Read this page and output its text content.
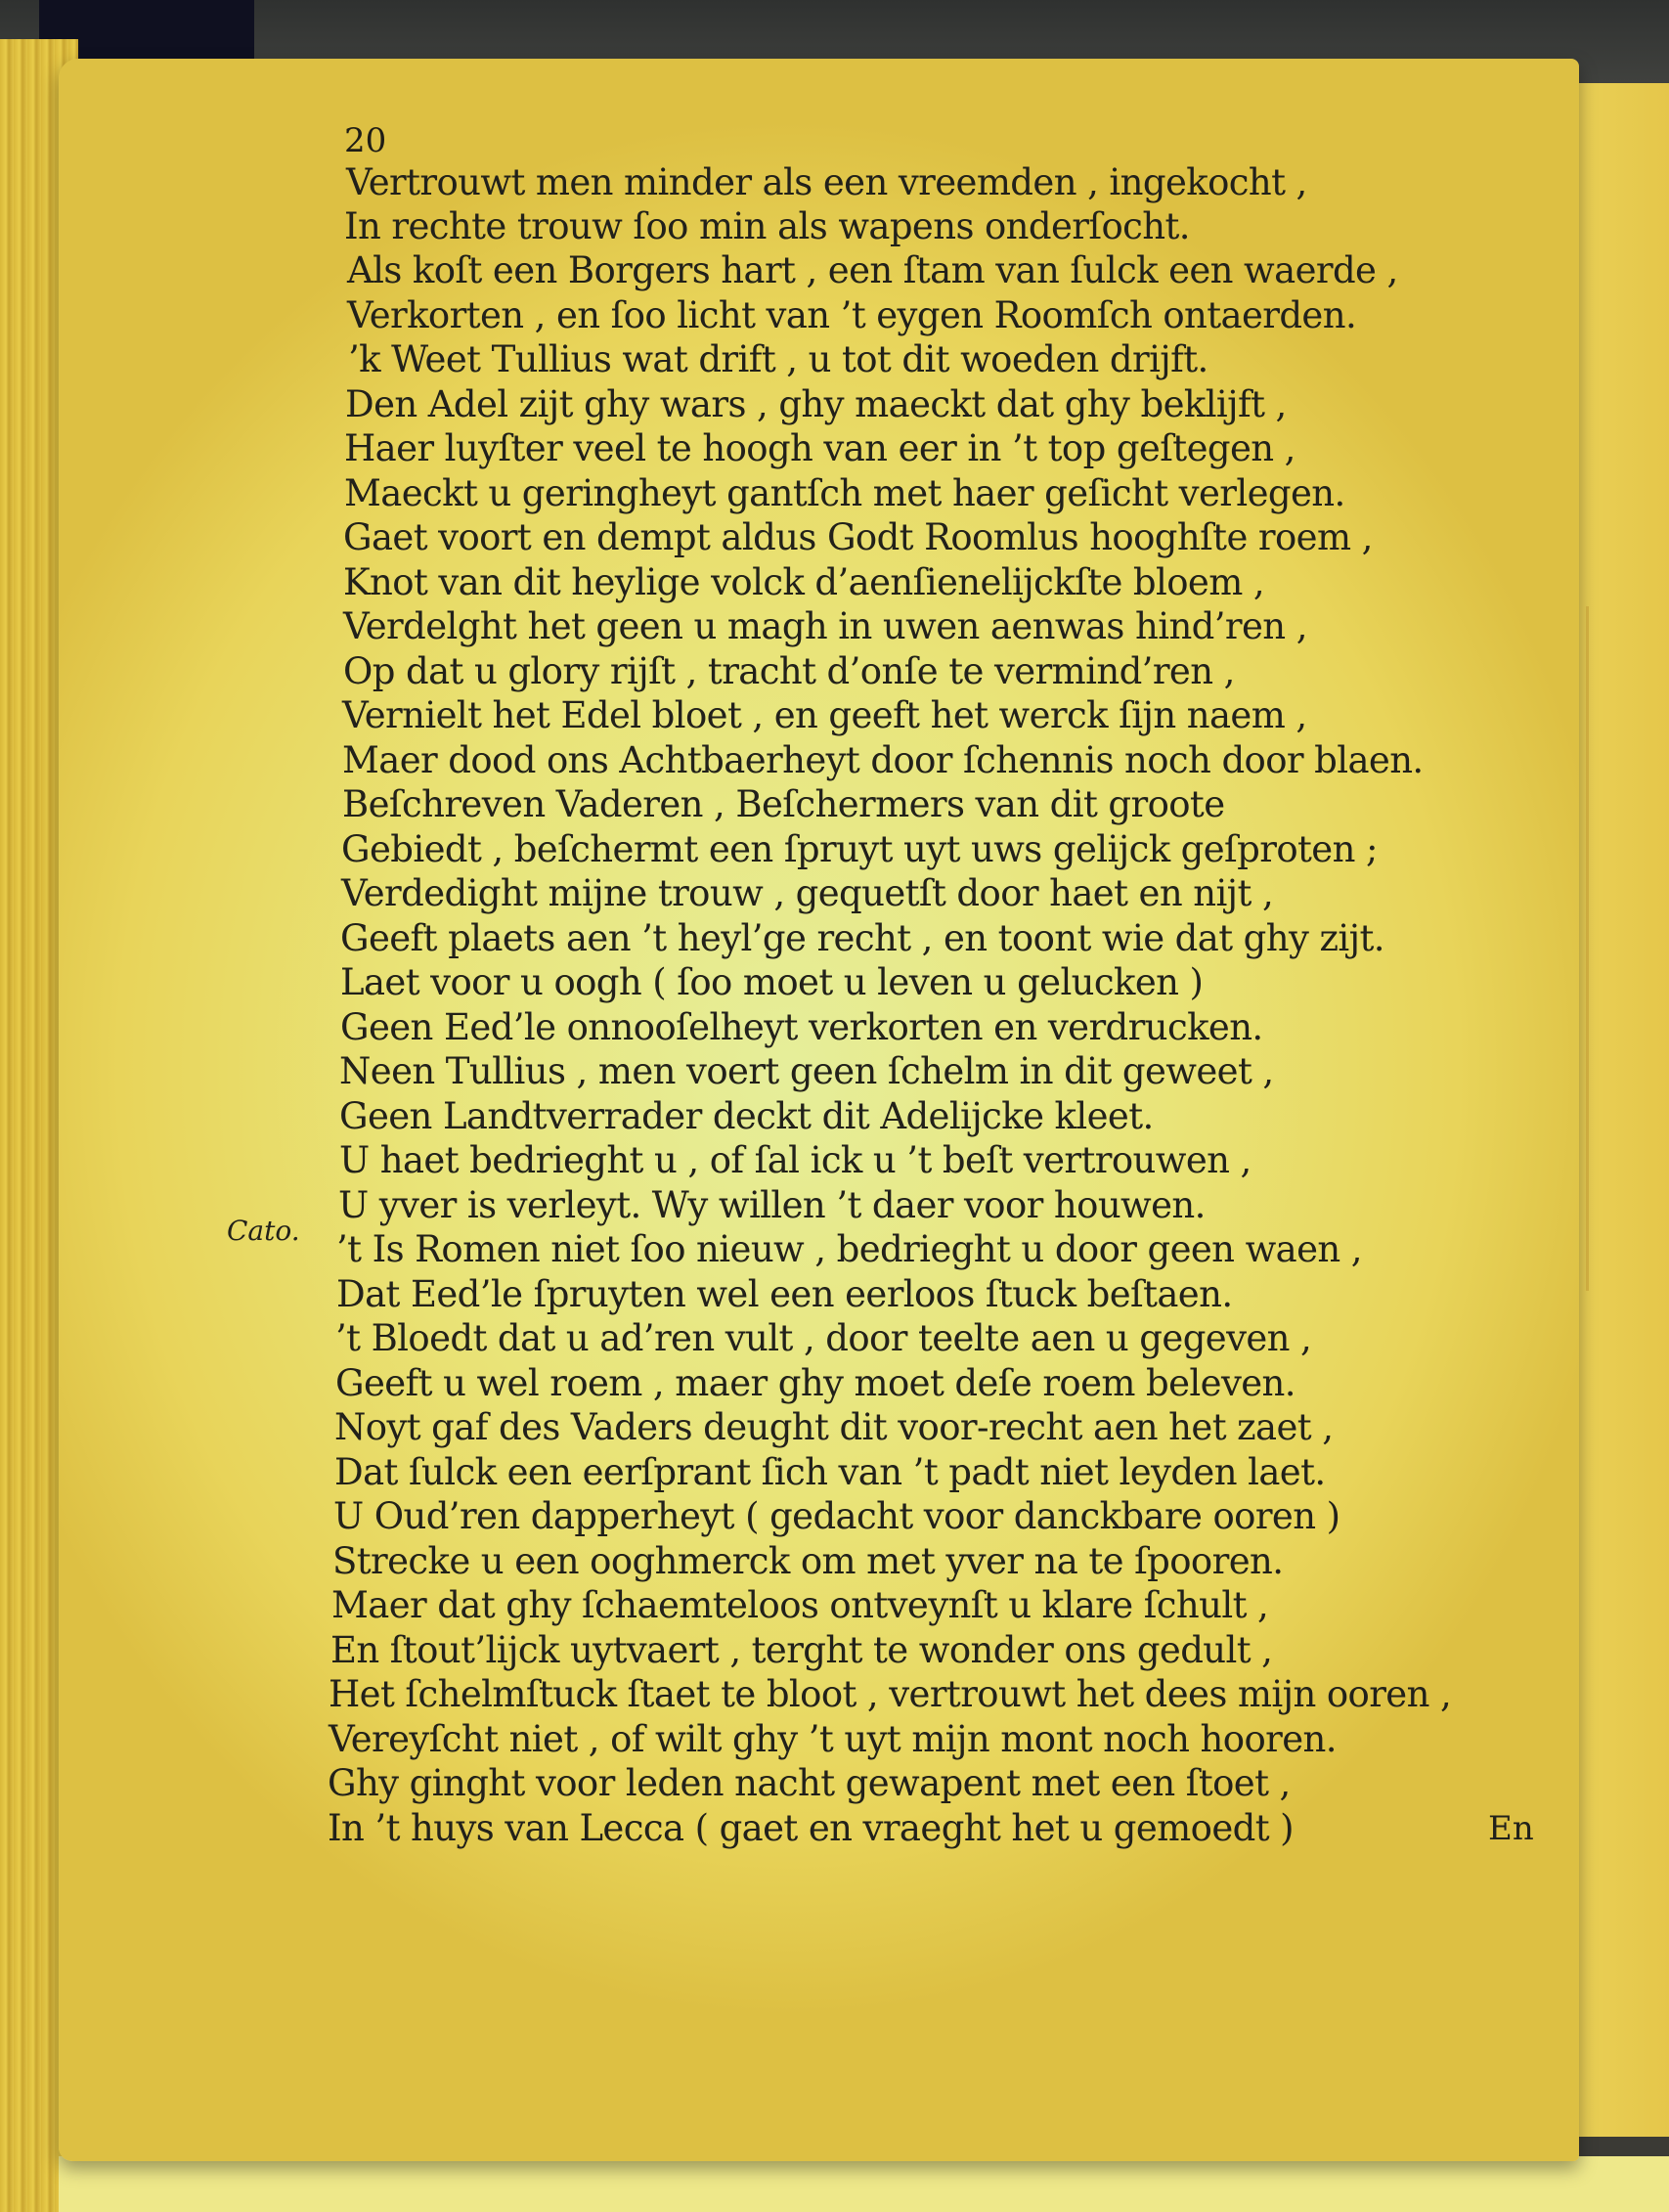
20
Vertrouwt men minder als een vreemden , ingekocht ,
In rechte trouw ſoo min als wapens onderſocht.
Als koſt een Borgers hart , een ſtam van ſulck een waerde ,
Verkorten , en ſoo licht van ’t eygen Roomſch ontaerden.
’k Weet Tullius wat drift , u tot dit woeden drijft.
Den Adel zijt ghy wars , ghy maeckt dat ghy beklijft ,
Haer luyſter veel te hoogh van eer in ’t top geſtegen ,
Maeckt u geringheyt gantſch met haer geſicht verlegen.
Gaet voort en dempt aldus Godt Roomlus hooghſte roem ,
Knot van dit heylige volck d’aenſienelijckſte bloem ,
Verdelght het geen u magh in uwen aenwas hind’ren ,
Op dat u glory rijſt , tracht d’onſe te vermind’ren ,
Vernielt het Edel bloet , en geeft het werck ſijn naem ,
Maer dood ons Achtbaerheyt door ſchennis noch door blaen.
Beſchreven Vaderen , Beſchermers van dit groote
Gebiedt , beſchermt een ſpruyt uyt uws gelijck geſproten ;
Verdedight mijne trouw , gequetſt door haet en nijt ,
Geeft plaets aen ’t heyl’ge recht , en toont wie dat ghy zijt.
Laet voor u oogh ( ſoo moet u leven u gelucken )
Geen Eed’le onnooſelheyt verkorten en verdrucken.
Neen Tullius , men voert geen ſchelm in dit geweet ,
Geen Landtverrader deckt dit Adelijcke kleet.
U haet bedrieght u , of ſal ick u ’t beſt vertrouwen ,
U yver is verleyt. Wy willen ’t daer voor houwen.
Cato. ’t Is Romen niet ſoo nieuw , bedrieght u door geen waen ,
Dat Eed’le ſpruyten wel een eerloos ſtuck beſtaen.
’t Bloedt dat u ad’ren vult , door teelte aen u gegeven ,
Geeft u wel roem , maer ghy moet deſe roem beleven.
Noyt gaf des Vaders deught dit voor-recht aen het zaet ,
Dat ſulck een eerſprant ſich van ’t padt niet leyden laet.
U Oud’ren dapperheyt ( gedacht voor danckbare ooren )
Strecke u een ooghmerck om met yver na te ſpooren.
Maer dat ghy ſchaemteloos ontveynſt u klare ſchult ,
En ſtout’lijck uytvaert , terght te wonder ons gedult ,
Het ſchelmſtuck ſtaet te bloot , vertrouwt het dees mijn ooren ,
Vereyſcht niet , of wilt ghy ’t uyt mijn mont noch hooren.
Ghy ginght voor leden nacht gewapent met een ſtoet ,
In ’t huys van Lecca ( gaet en vraeght het u gemoedt )	En
